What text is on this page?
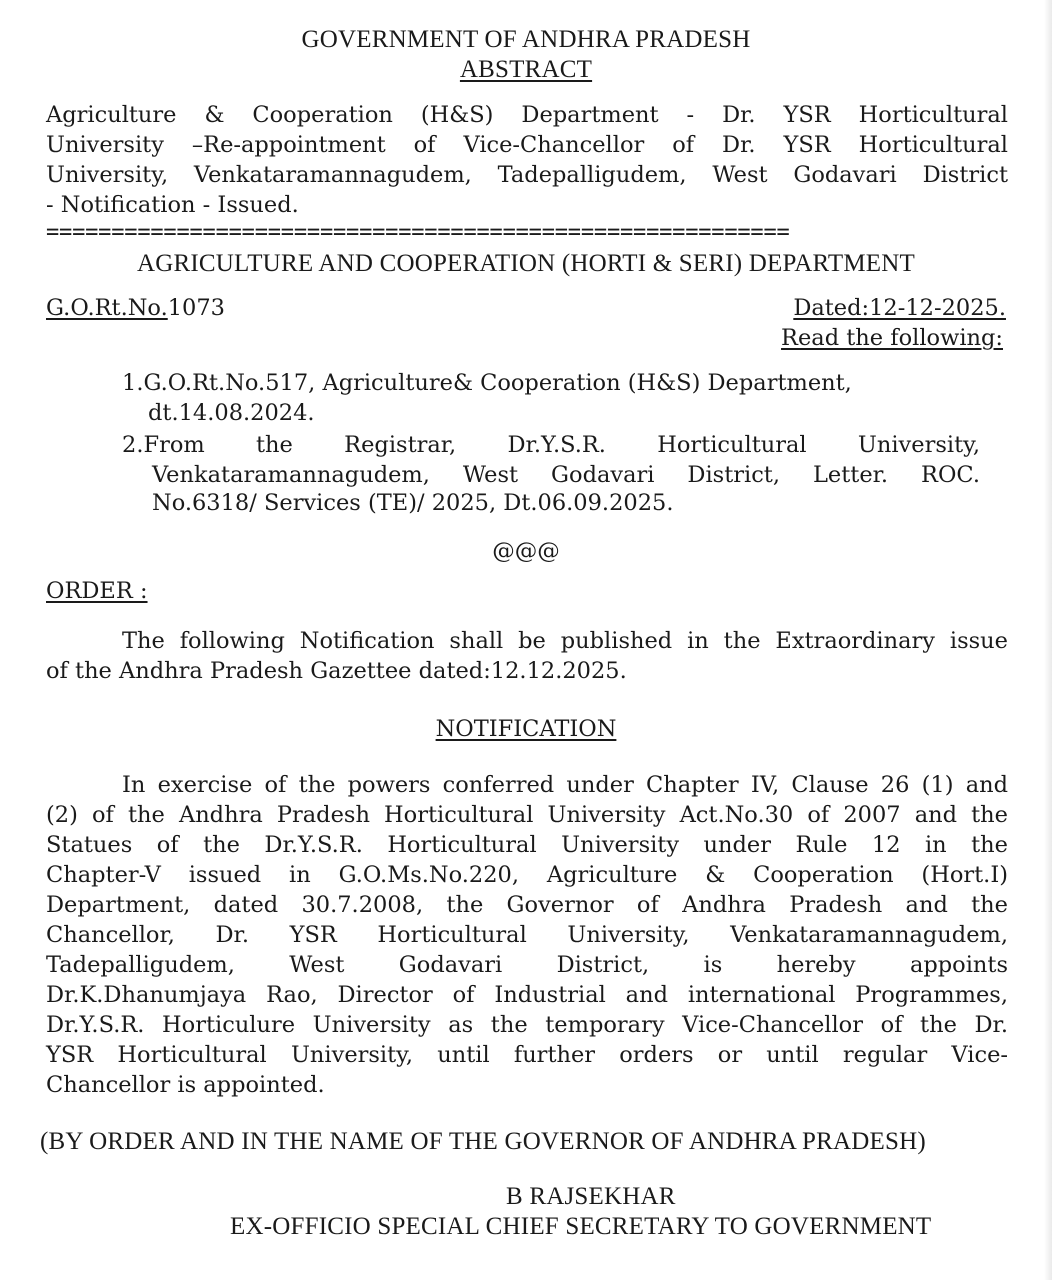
GOVERNMENT OF ANDHRA PRADESH
ABSTRACT
Agriculture & Cooperation (H&S) Department - Dr. YSR Horticultural
University –Re-appointment of Vice-Chancellor of Dr. YSR Horticultural
University, Venkataramannagudem, Tadepalligudem, West Godavari District
- Notification - Issued.
=========================================================
AGRICULTURE AND COOPERATION (HORTI & SERI) DEPARTMENT
G.O.Rt.No.1073	Dated:12-12-2025.
Read the following:
1.G.O.Rt.No.517, Agriculture& Cooperation (H&S) Department,
dt.14.08.2024.
2.From the Registrar, Dr.Y.S.R. Horticultural University,
Venkataramannagudem, West Godavari District, Letter. ROC.
No.6318/ Services (TE)/ 2025, Dt.06.09.2025.
@@@
ORDER :
The following Notification shall be published in the Extraordinary issue
of the Andhra Pradesh Gazettee dated:12.12.2025.
NOTIFICATION
In exercise of the powers conferred under Chapter IV, Clause 26 (1) and
(2) of the Andhra Pradesh Horticultural University Act.No.30 of 2007 and the
Statues of the Dr.Y.S.R. Horticultural University under Rule 12 in the
Chapter-V issued in G.O.Ms.No.220, Agriculture & Cooperation (Hort.I)
Department, dated 30.7.2008, the Governor of Andhra Pradesh and the
Chancellor, Dr. YSR Horticultural University, Venkataramannagudem,
Tadepalligudem, West Godavari District, is hereby appoints
Dr.K.Dhanumjaya Rao, Director of Industrial and international Programmes,
Dr.Y.S.R. Horticulure University as the temporary Vice-Chancellor of the Dr.
YSR Horticultural University, until further orders or until regular Vice-
Chancellor is appointed.
(BY ORDER AND IN THE NAME OF THE GOVERNOR OF ANDHRA PRADESH)
B RAJSEKHAR
EX-OFFICIO SPECIAL CHIEF SECRETARY TO GOVERNMENT
